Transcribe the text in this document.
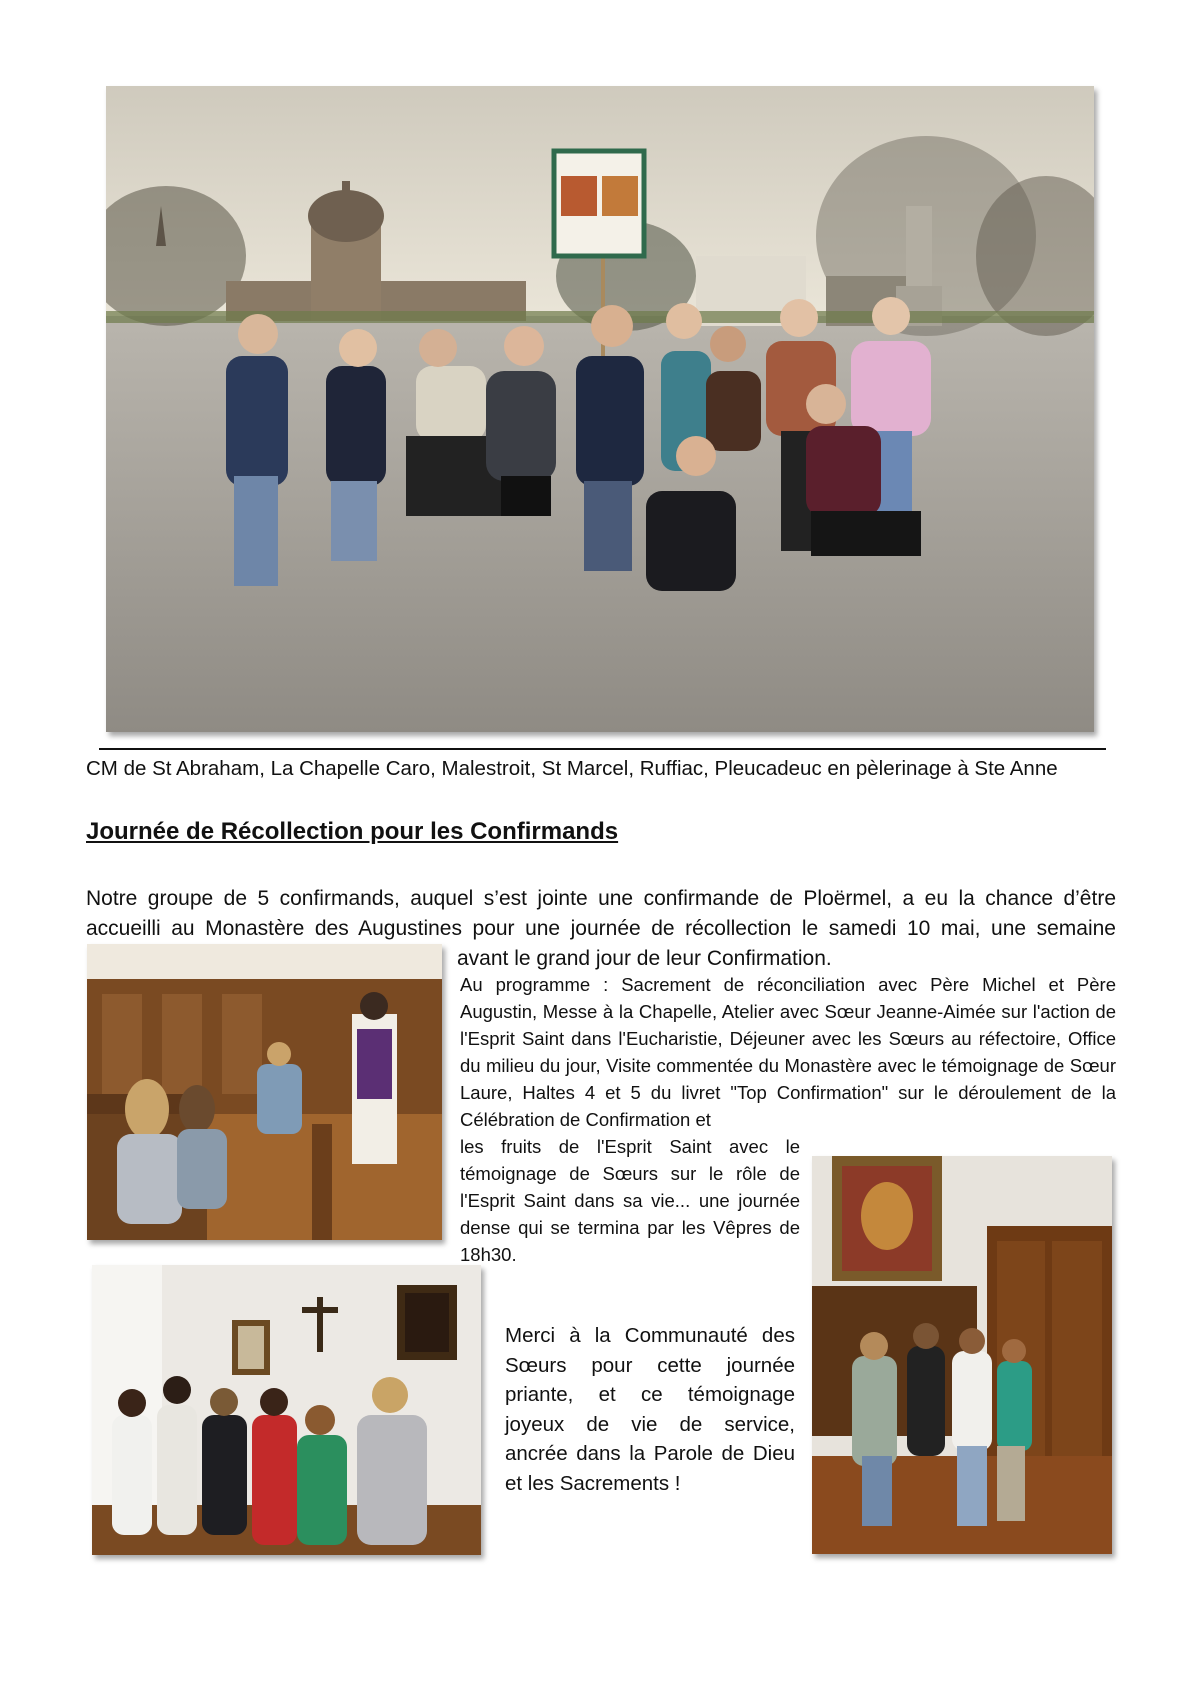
CM de St Abraham, La Chapelle Caro, Malestroit, St Marcel, Ruffiac, Pleucadeuc en pèlerinage à Ste Anne
Journée de Récollection pour les Confirmands
Notre groupe de 5 confirmands, auquel s’est jointe une confirmande de Ploërmel, a eu la chance d’être accueilli au Monastère des Augustines pour une journée de récollection le samedi 10 mai, une semaine
avant le grand jour de leur Confirmation.
Au programme : Sacrement de réconciliation avec Père Michel et Père Augustin, Messe à la Chapelle, Atelier avec Sœur Jeanne-Aimée sur l'action de l'Esprit Saint dans l'Eucharistie, Déjeuner avec les Sœurs au réfectoire, Office du milieu du jour, Visite commentée du Monastère avec le témoignage de Sœur Laure, Haltes 4 et 5 du livret "Top Confirmation" sur le déroulement de la Célébration de Confirmation et
les fruits de l'Esprit Saint avec le témoignage de Sœurs sur le rôle de l'Esprit Saint dans sa vie... une journée dense qui se termina par les Vêpres de 18h30.
Merci à la Communauté des Sœurs pour cette journée priante, et ce témoignage joyeux de vie de service, ancrée dans la Parole de Dieu et les Sacrements !
